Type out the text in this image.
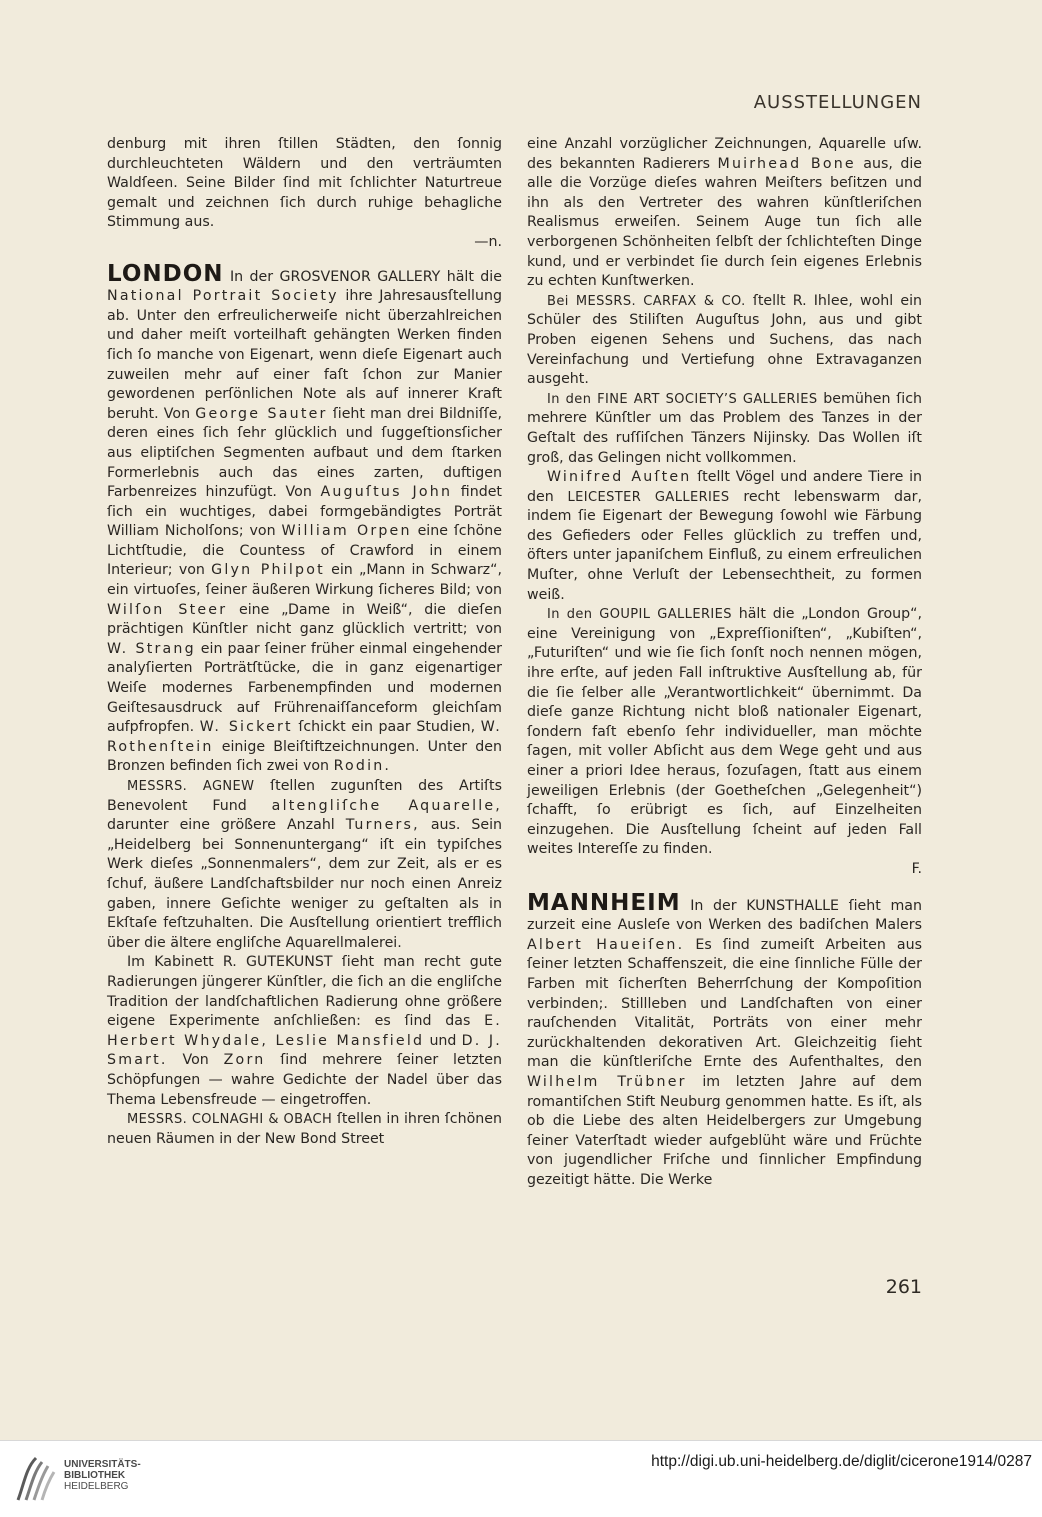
AUSSTELLUNGEN

denburg mit ihren ſtillen Städten, den ſonnig durchleuchteten Wäldern und den verträumten Waldſeen. Seine Bilder ſind mit ſchlichter Naturtreue gemalt und zeichnen ſich durch ruhige behagliche Stimmung aus.

—n.

LONDON In der GROSVENOR GALLERY hält die National Portrait Society ihre Jahresausſtellung ab. Unter den erfreulicherweiſe nicht überzahlreichen und daher meiſt vorteilhaft gehängten Werken finden ſich ſo manche von Eigenart, wenn dieſe Eigenart auch zuweilen mehr auf einer faſt ſchon zur Manier gewordenen perſönlichen Note als auf innerer Kraft beruht. Von George Sauter ſieht man drei Bildniſſe, deren eines ſich ſehr glücklich und ſuggeſtionsſicher aus eliptiſchen Segmenten aufbaut und dem ſtarken Formerlebnis auch das eines zarten, duftigen Farbenreizes hinzufügt. Von Auguſtus John findet ſich ein wuchtiges, dabei formgebändigtes Porträt William Nicholſons; von William Orpen eine ſchöne Lichtſtudie, die Countess of Crawford in einem Interieur; von Glyn Philpot ein „Mann in Schwarz“, ein virtuoſes, ſeiner äußeren Wirkung ſicheres Bild; von Wilſon Steer eine „Dame in Weiß“, die dieſen prächtigen Künſtler nicht ganz glücklich vertritt; von W. Strang ein paar ſeiner früher einmal eingehender analyſierten Porträtſtücke, die in ganz eigenartiger Weiſe modernes Farbenempfinden und modernen Geiſtesausdruck auf Frührenaiſſanceform gleichſam aufpfropfen. W. Sickert ſchickt ein paar Studien, W. Rothenſtein einige Bleiſtiftzeichnungen. Unter den Bronzen befinden ſich zwei von Rodin.

MESSRS. AGNEW ſtellen zugunſten des Artiſts Benevolent Fund altengliſche Aquarelle, darunter eine größere Anzahl Turners, aus. Sein „Heidelberg bei Sonnenuntergang“ iſt ein typiſches Werk dieſes „Sonnenmalers“, dem zur Zeit, als er es ſchuf, äußere Landſchaftsbilder nur noch einen Anreiz gaben, innere Geſichte weniger zu geſtalten als in Ekſtaſe feſtzuhalten. Die Ausſtellung orientiert trefflich über die ältere engliſche Aquarellmalerei.

Im Kabinett R. GUTEKUNST ſieht man recht gute Radierungen jüngerer Künſtler, die ſich an die engliſche Tradition der landſchaftlichen Radierung ohne größere eigene Experimente anſchließen: es ſind das E. Herbert Whydale, Leslie Mansfield und D. J. Smart. Von Zorn ſind mehrere ſeiner letzten Schöpfungen — wahre Gedichte der Nadel über das Thema Lebensfreude — eingetroffen.

MESSRS. COLNAGHI & OBACH ſtellen in ihren ſchönen neuen Räumen in der New Bond Street

eine Anzahl vorzüglicher Zeichnungen, Aquarelle uſw. des bekannten Radierers Muirhead Bone aus, die alle die Vorzüge dieſes wahren Meiſters beſitzen und ihn als den Vertreter des wahren künſtleriſchen Realismus erweiſen. Seinem Auge tun ſich alle verborgenen Schönheiten ſelbſt der ſchlichteſten Dinge kund, und er verbindet ſie durch ſein eigenes Erlebnis zu echten Kunſtwerken.

Bei MESSRS. CARFAX & CO. ſtellt R. Ihlee, wohl ein Schüler des Stiliſten Auguſtus John, aus und gibt Proben eigenen Sehens und Suchens, das nach Vereinfachung und Vertiefung ohne Extravaganzen ausgeht.

In den FINE ART SOCIETY’S GALLERIES bemühen ſich mehrere Künſtler um das Problem des Tanzes in der Geſtalt des ruſſiſchen Tänzers Nijinsky. Das Wollen iſt groß, das Gelingen nicht vollkommen.

Winifred Auſten ſtellt Vögel und andere Tiere in den LEICESTER GALLERIES recht lebenswarm dar, indem ſie Eigenart der Bewegung ſowohl wie Färbung des Gefieders oder Felles glücklich zu treffen und, öfters unter japaniſchem Einfluß, zu einem erfreulichen Muſter, ohne Verluſt der Lebensechtheit, zu formen weiß.

In den GOUPIL GALLERIES hält die „London Group“, eine Vereinigung von „Expreſſioniſten“, „Kubiſten“, „Futuriſten“ und wie ſie ſich ſonſt noch nennen mögen, ihre erſte, auf jeden Fall inſtruktive Ausſtellung ab, für die ſie ſelber alle „Verantwortlichkeit“ übernimmt. Da dieſe ganze Richtung nicht bloß nationaler Eigenart, ſondern faſt ebenſo ſehr individueller, man möchte ſagen, mit voller Abſicht aus dem Wege geht und aus einer a priori Idee heraus, ſozuſagen, ſtatt aus einem jeweiligen Erlebnis (der Goetheſchen „Gelegenheit“) ſchafft, ſo erübrigt es ſich, auf Einzelheiten einzugehen. Die Ausſtellung ſcheint auf jeden Fall weites Intereſſe zu finden.

F.

MANNHEIM In der KUNSTHALLE ſieht man zurzeit eine Ausleſe von Werken des badiſchen Malers Albert Haueiſen. Es ſind zumeiſt Arbeiten aus ſeiner letzten Schaffenszeit, die eine ſinnliche Fülle der Farben mit ſicherſten Beherrſchung der Kompoſition verbinden;. Stillleben und Landſchaften von einer rauſchenden Vitalität, Porträts von einer mehr zurückhaltenden dekorativen Art. Gleichzeitig ſieht man die künſtleriſche Ernte des Aufenthaltes, den Wilhelm Trübner im letzten Jahre auf dem romantiſchen Stift Neuburg genommen hatte. Es iſt, als ob die Liebe des alten Heidelbergers zur Umgebung ſeiner Vaterſtadt wieder aufgeblüht wäre und Früchte von jugendlicher Friſche und ſinnlicher Empfindung gezeitigt hätte. Die Werke

261
UNIVERSITÄTS-
BIBLIOTHEK
HEIDELBERG
http://digi.ub.uni-heidelberg.de/diglit/cicerone1914/0287
